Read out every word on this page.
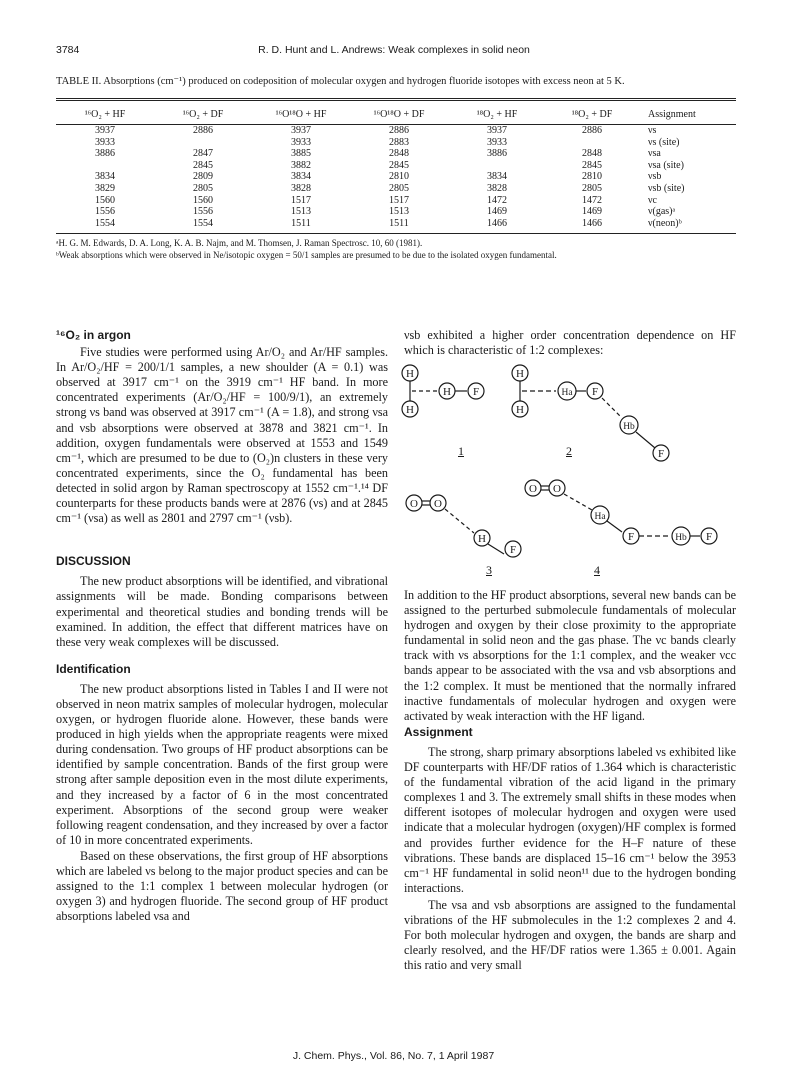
3784	R. D. Hunt and L. Andrews: Weak complexes in solid neon
TABLE II. Absorptions (cm⁻¹) produced on codeposition of molecular oxygen and hydrogen fluoride isotopes with excess neon at 5 K.
¹⁶O₂ + HF	¹⁶O₂ + DF	¹⁶O¹⁸O + HF	¹⁶O¹⁸O + DF	¹⁸O₂ + HF	¹⁸O₂ + DF	Assignment
3937	2886	3937	2886	3937	2886	νs
3933		3933	2883	3933		νs (site)
3886	2847	3885	2848	3886	2848	νsa
	2845	3882	2845		2845	νsa (site)
3834	2809	3834	2810	3834	2810	νsb
3829	2805	3828	2805	3828	2805	νsb (site)
1560	1560	1517	1517	1472	1472	νc
1556	1556	1513	1513	1469	1469	ν(gas)ᵃ
1554	1554	1511	1511	1466	1466	ν(neon)ᵇ
ᵃH. G. M. Edwards, D. A. Long, K. A. B. Najm, and M. Thomsen, J. Raman Spectrosc. 10, 60 (1981).
ᵇWeak absorptions which were observed in Ne/isotopic oxygen = 50/1 samples are presumed to be due to the isolated oxygen fundamental.

¹⁶O₂ in argon

Five studies were performed using Ar/O₂ and Ar/HF samples. In Ar/O₂/HF = 200/1/1 samples, a new shoulder (A = 0.1) was observed at 3917 cm⁻¹ on the 3919 cm⁻¹ HF band. In more concentrated experiments (Ar/O₂/HF = 100/9/1), an extremely strong νs band was observed at 3917 cm⁻¹ (A = 1.8), and strong νsa and νsb absorptions were observed at 3878 and 3821 cm⁻¹. In addition, oxygen fundamentals were observed at 1553 and 1549 cm⁻¹, which are presumed to be due to (O₂)n clusters in these very concentrated experiments, since the O₂ fundamental has been detected in solid argon by Raman spectroscopy at 1552 cm⁻¹.¹⁴ DF counterparts for these products bands were at 2876 (νs) and at 2845 cm⁻¹ (νsa) as well as 2801 and 2797 cm⁻¹ (νsb).

DISCUSSION

The new product absorptions will be identified, and vibrational assignments will be made. Bonding comparisons between experimental and theoretical studies and bonding trends will be examined. In addition, the effect that different matrices have on these very weak complexes will be discussed.

Identification

The new product absorptions listed in Tables I and II were not observed in neon matrix samples of molecular hydrogen, molecular oxygen, or hydrogen fluoride alone. However, these bands were produced in high yields when the appropriate reagents were mixed during condensation. Two groups of HF product absorptions can be identified by sample concentration. Bands of the first group were strong after sample deposition even in the most dilute experiments, and they increased by a factor of 6 in the most concentrated experiment. Absorptions of the second group were weaker following reagent condensation, and they increased by over a factor of 10 in more concentrated experiments.

Based on these observations, the first group of HF absorptions which are labeled νs belong to the major product species and can be assigned to the 1:1 complex 1 between molecular hydrogen (or oxygen 3) and hydrogen fluoride. The second group of HF product absorptions labeled νsa and

νsb exhibited a higher order concentration dependence on HF which is characteristic of 1:2 complexes:

H
H
H F
H
H
Ha F
Hb
F
O O
H
F
O O
Ha
F	Hb F
1	2
3	4

In addition to the HF product absorptions, several new bands can be assigned to the perturbed submolecule fundamentals of molecular hydrogen and oxygen by their close proximity to the appropriate fundamental in solid neon and the gas phase. The νc bands clearly track with νs absorptions for the 1:1 complex, and the weaker νcc bands appear to be associated with the νsa and νsb absorptions and the 1:2 complex. It must be mentioned that the normally infrared inactive fundamentals of molecular hydrogen and oxygen were activated by weak interaction with the HF ligand.

Assignment

The strong, sharp primary absorptions labeled νs exhibited like DF counterparts with HF/DF ratios of 1.364 which is characteristic of the fundamental vibration of the acid ligand in the primary complexes 1 and 3. The extremely small shifts in these modes when different isotopes of molecular hydrogen and oxygen were used indicate that a molecular hydrogen (oxygen)/HF complex is formed and provides further evidence for the H–F nature of these vibrations. These bands are displaced 15–16 cm⁻¹ below the 3953 cm⁻¹ HF fundamental in solid neon¹¹ due to the hydrogen bonding interactions.

The νsa and νsb absorptions are assigned to the fundamental vibrations of the HF submolecules in the 1:2 complexes 2 and 4. For both molecular hydrogen and oxygen, the bands are sharp and clearly resolved, and the HF/DF ratios were 1.365 ± 0.001. Again this ratio and very small

J. Chem. Phys., Vol. 86, No. 7, 1 April 1987
